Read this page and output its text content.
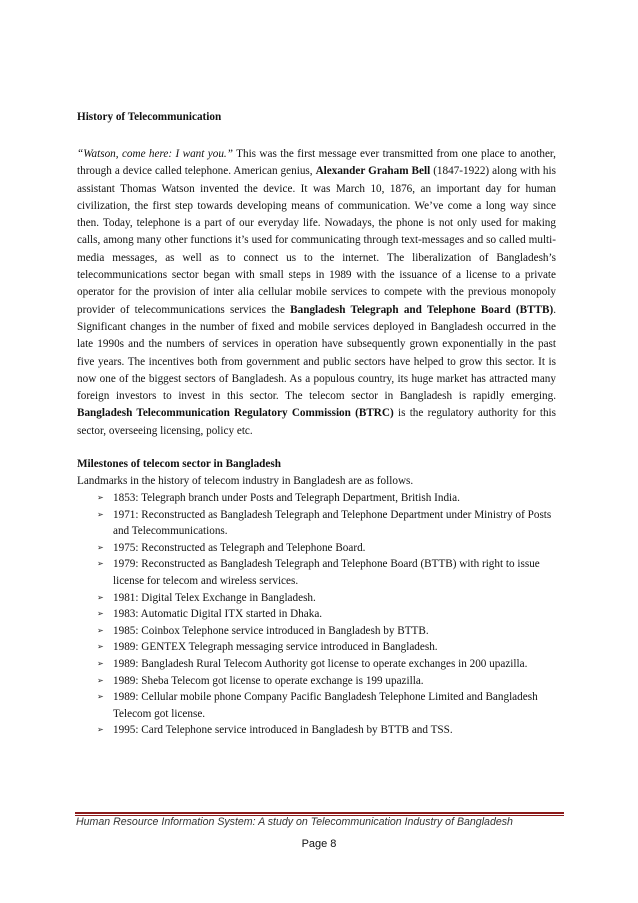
History of Telecommunication

“Watson, come here: I want you.” This was the first message ever transmitted from one place to another, through a device called telephone. American genius, Alexander Graham Bell (1847-1922) along with his assistant Thomas Watson invented the device. It was March 10, 1876, an important day for human civilization, the first step towards developing means of communication. We’ve come a long way since then. Today, telephone is a part of our everyday life. Nowadays, the phone is not only used for making calls, among many other functions it’s used for communicating through text-messages and so called multi-media messages, as well as to connect us to the internet. The liberalization of Bangladesh’s telecommunications sector began with small steps in 1989 with the issuance of a license to a private operator for the provision of inter alia cellular mobile services to compete with the previous monopoly provider of telecommunications services the Bangladesh Telegraph and Telephone Board (BTTB). Significant changes in the number of fixed and mobile services deployed in Bangladesh occurred in the late 1990s and the numbers of services in operation have subsequently grown exponentially in the past five years. The incentives both from government and public sectors have helped to grow this sector. It is now one of the biggest sectors of Bangladesh. As a populous country, its huge market has attracted many foreign investors to invest in this sector. The telecom sector in Bangladesh is rapidly emerging. Bangladesh Telecommunication Regulatory Commission (BTRC) is the regulatory authority for this sector, overseeing licensing, policy etc.

Milestones of telecom sector in Bangladesh

Landmarks in the history of telecom industry in Bangladesh are as follows.

➢ 1853: Telegraph branch under Posts and Telegraph Department, British India.
➢ 1971: Reconstructed as Bangladesh Telegraph and Telephone Department under Ministry of Posts and Telecommunications.
➢ 1975: Reconstructed as Telegraph and Telephone Board.
➢ 1979: Reconstructed as Bangladesh Telegraph and Telephone Board (BTTB) with right to issue license for telecom and wireless services.
➢ 1981: Digital Telex Exchange in Bangladesh.
➢ 1983: Automatic Digital ITX started in Dhaka.
➢ 1985: Coinbox Telephone service introduced in Bangladesh by BTTB.
➢ 1989: GENTEX Telegraph messaging service introduced in Bangladesh.
➢ 1989: Bangladesh Rural Telecom Authority got license to operate exchanges in 200 upazilla.
➢ 1989: Sheba Telecom got license to operate exchange is 199 upazilla.
➢ 1989: Cellular mobile phone Company Pacific Bangladesh Telephone Limited and Bangladesh Telecom got license.
➢ 1995: Card Telephone service introduced in Bangladesh by BTTB and TSS.
Human Resource Information System: A study on Telecommunication Industry of Bangladesh
Page 8
